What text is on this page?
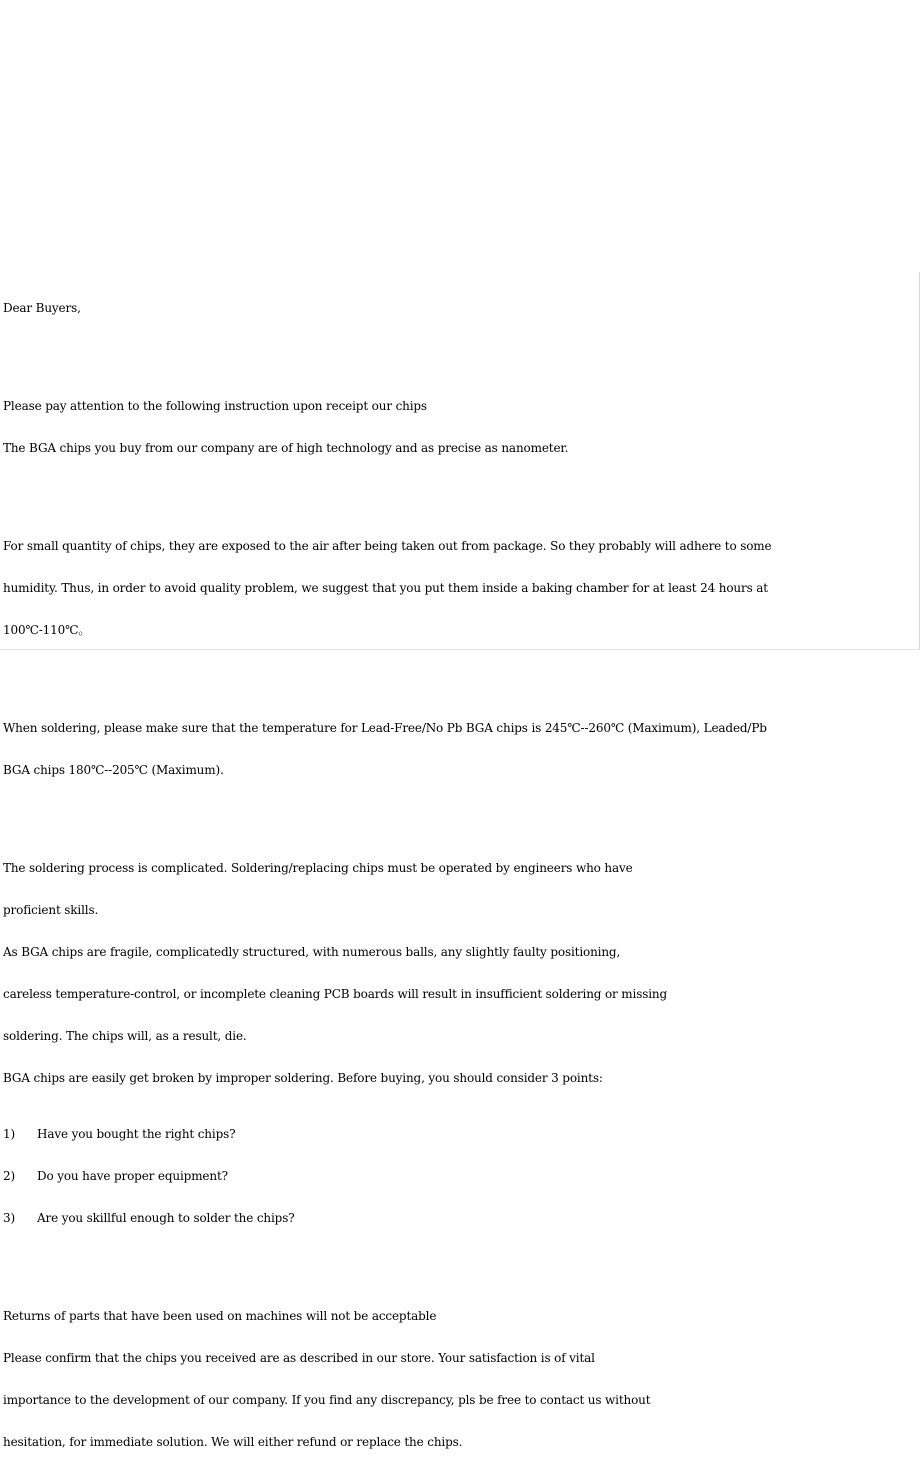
Dear Buyers,

Please pay attention to the following instruction upon receipt our chips

The BGA chips you buy from our company are of high technology and as precise as nanometer.

For small quantity of chips, they are exposed to the air after being taken out from package. So they probably will adhere to some

humidity. Thus, in order to avoid quality problem, we suggest that you put them inside a baking chamber for at least 24 hours at

100℃-110℃。

When soldering, please make sure that the temperature for Lead-Free/No Pb BGA chips is 245℃--260℃ (Maximum), Leaded/Pb

BGA chips 180℃--205℃ (Maximum).

The soldering process is complicated. Soldering/replacing chips must be operated by engineers who have

proficient skills.

As BGA chips are fragile, complicatedly structured, with numerous balls, any slightly faulty positioning,

careless temperature-control, or incomplete cleaning PCB boards will result in insufficient soldering or missing

soldering. The chips will, as a result, die.

BGA chips are easily get broken by improper soldering. Before buying, you should consider 3 points:

1) Have you bought the right chips?

2) Do you have proper equipment?

3) Are you skillful enough to solder the chips?

Returns of parts that have been used on machines will not be acceptable

Please confirm that the chips you received are as described in our store. Your satisfaction is of vital

importance to the development of our company. If you find any discrepancy, pls be free to contact us without

hesitation, for immediate solution. We will either refund or replace the chips.
